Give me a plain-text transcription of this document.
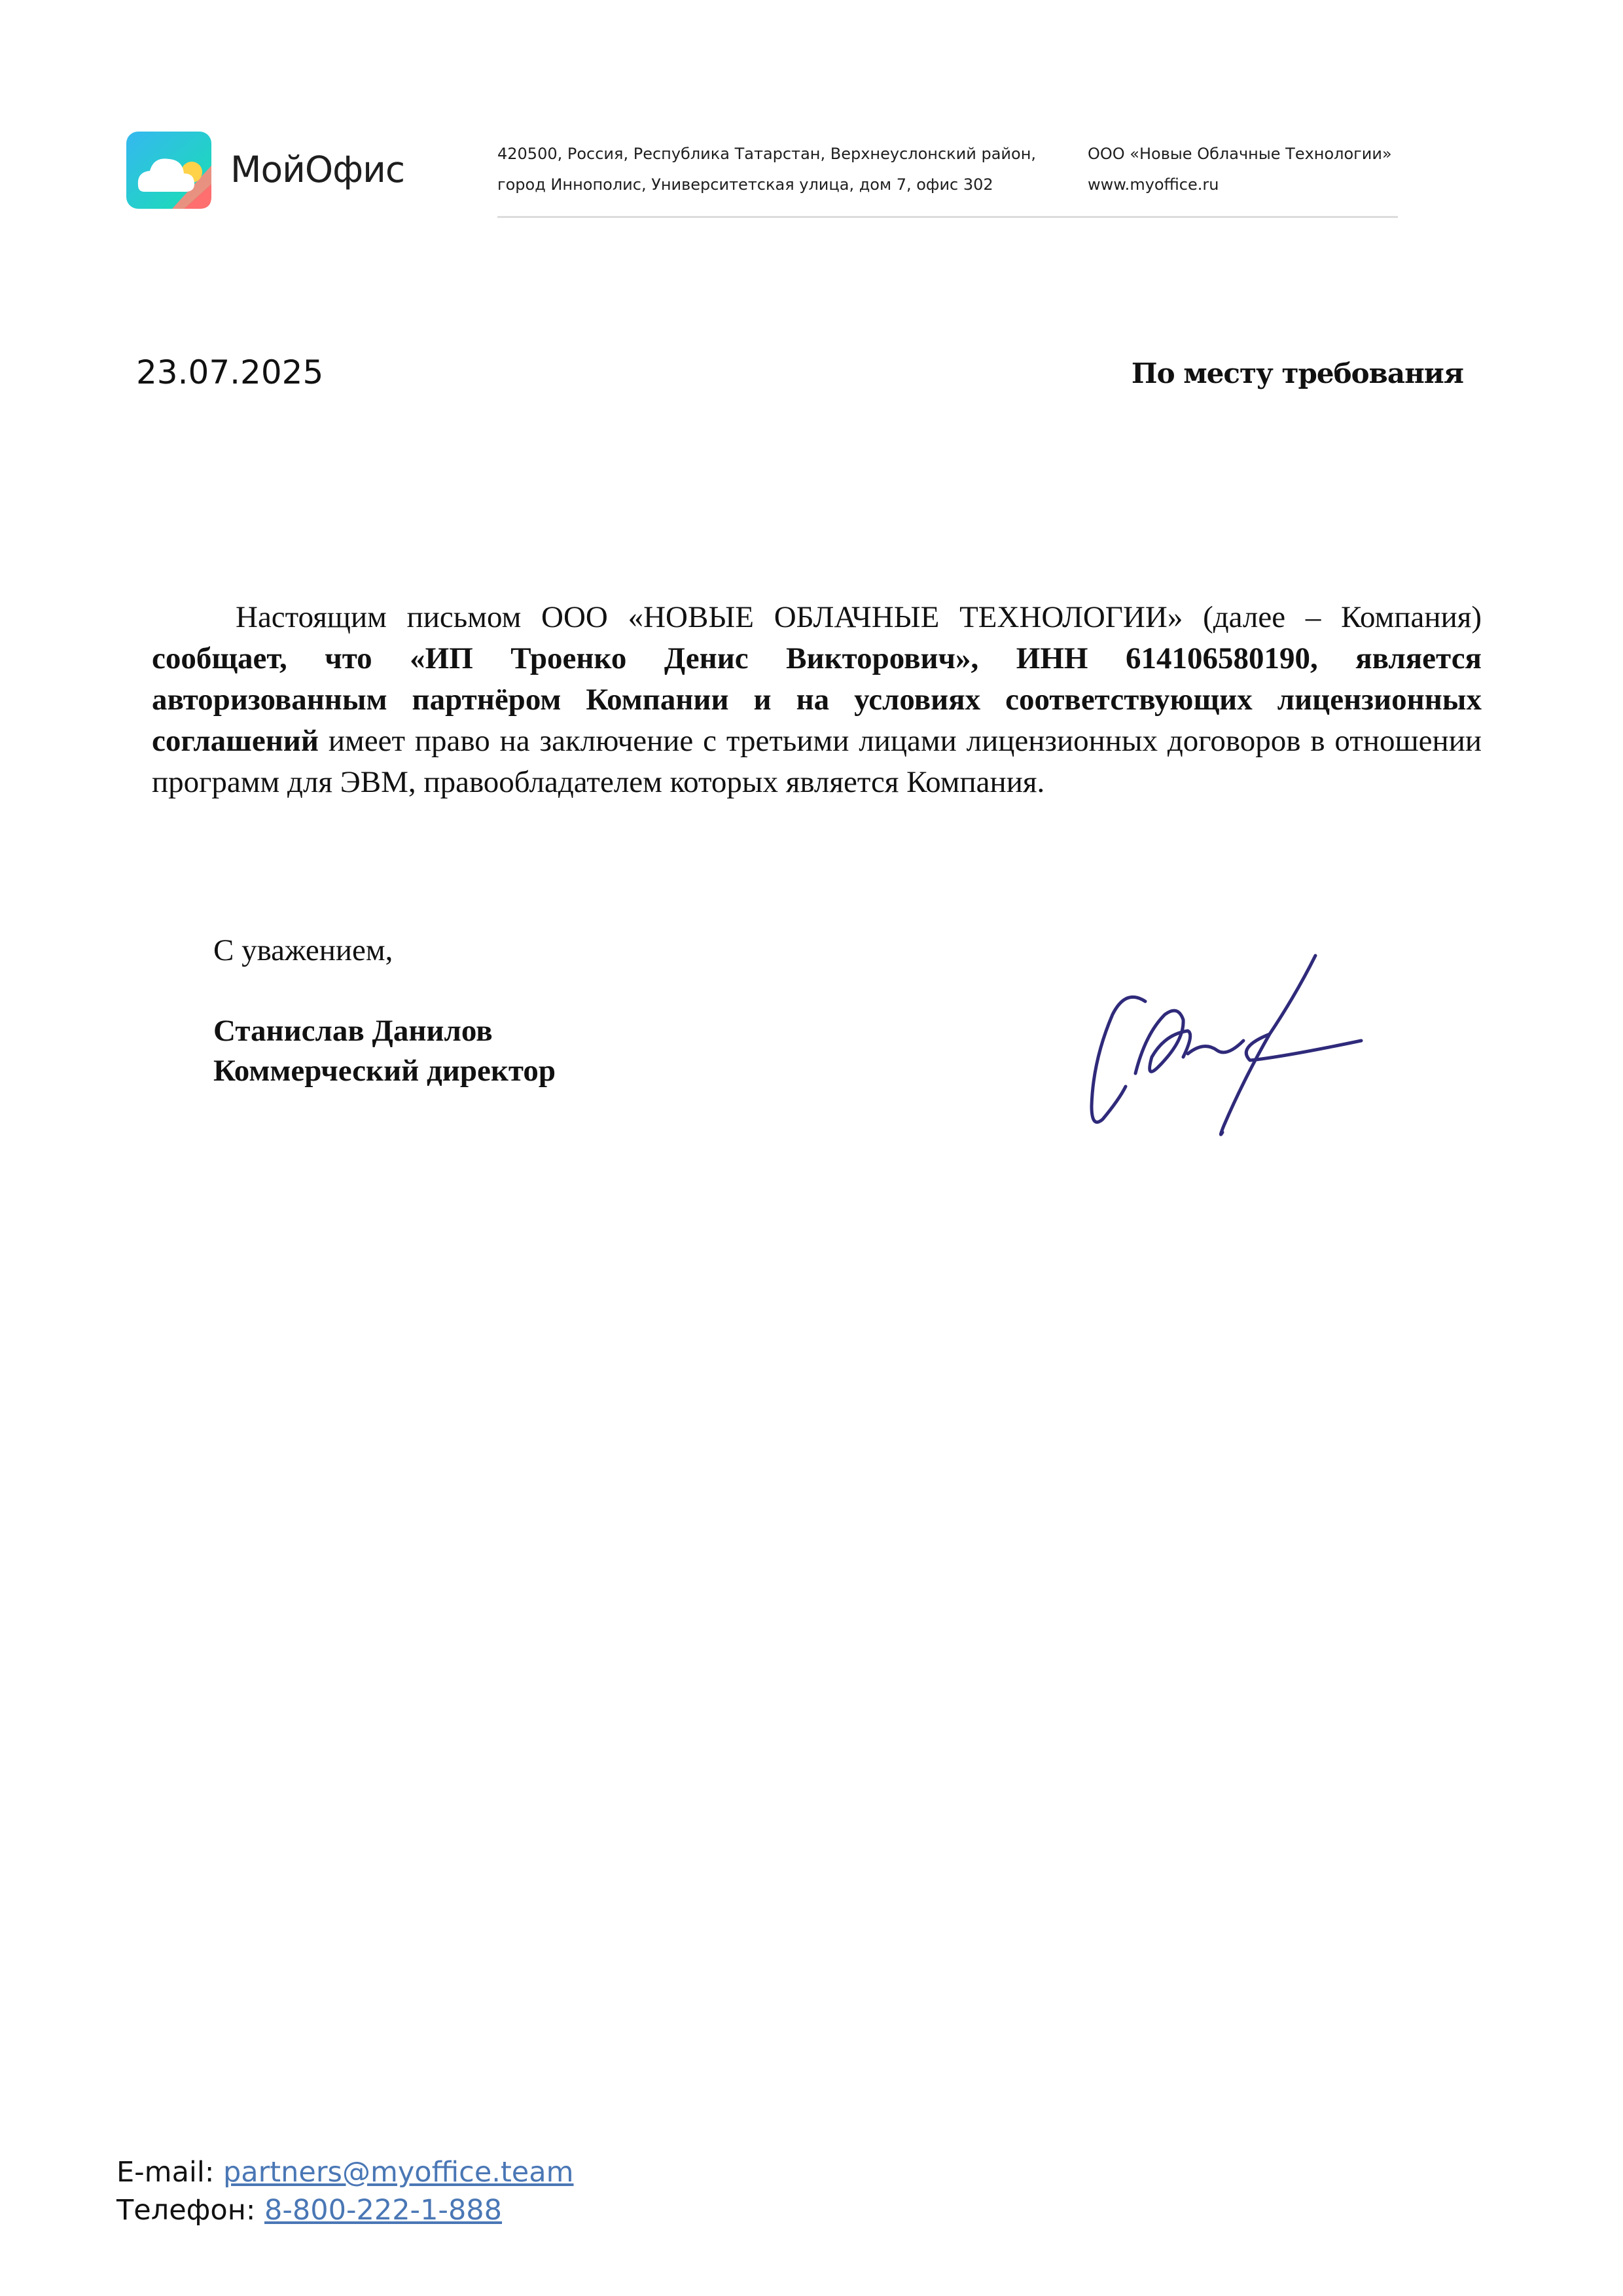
МойОфис	420500, Россия, Республика Татарстан, Верхнеуслонский район,
город Иннополис, Университетская улица, дом 7, офис 302
ООО «Новые Облачные Технологии»
www.myoffice.ru
23.07.2025	По месту требования
Настоящим письмом ООО «НОВЫЕ ОБЛАЧНЫЕ ТЕХНОЛОГИИ» (далее – Компания) сообщает, что «ИП Троенко Денис Викторович», ИНН 614106580190, является авторизованным партнёром Компании и на условиях соответствующих лицензионных соглашений имеет право на заключение с третьими лицами лицензионных договоров в отношении программ для ЭВМ, правообладателем которых является Компания.
С уважением,
Станислав Данилов
Коммерческий директор
E-mail: partners@myoffice.team
Телефон: 8-800-222-1-888
